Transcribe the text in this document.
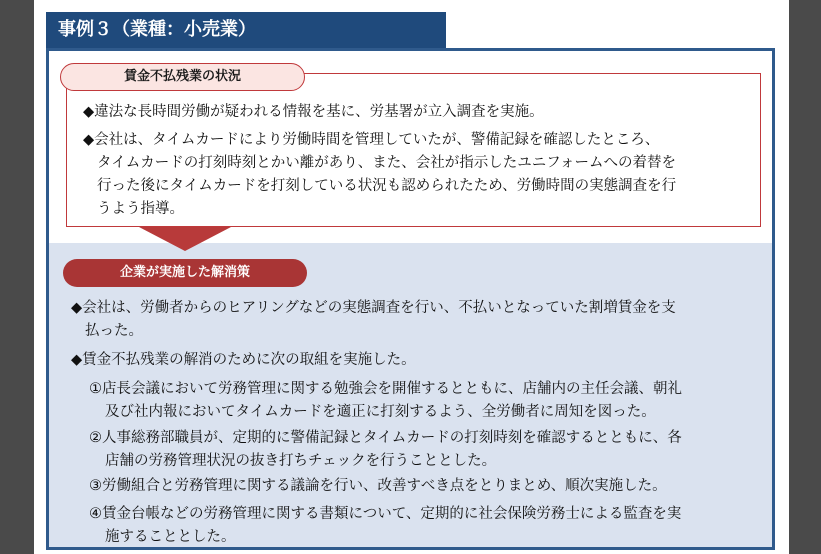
事例３（業種：小売業）
賃金不払残業の状況

◆違法な長時間労働が疑われる情報を基に、労基署が立入調査を実施。

◆会社は、タイムカードにより労働時間を管理していたが、警備記録を確認したところ、
タイムカードの打刻時刻とかい離があり、また、会社が指示したユニフォームへの着替を
行った後にタイムカードを打刻している状況も認められたため、労働時間の実態調査を行
うよう指導。

企業が実施した解消策

◆会社は、労働者からのヒアリングなどの実態調査を行い、不払いとなっていた割増賃金を支
払った。

◆賃金不払残業の解消のために次の取組を実施した。

①店長会議において労務管理に関する勉強会を開催するとともに、店舗内の主任会議、朝礼
及び社内報においてタイムカードを適正に打刻するよう、全労働者に周知を図った。

②人事総務部職員が、定期的に警備記録とタイムカードの打刻時刻を確認するとともに、各
店舗の労務管理状況の抜き打ちチェックを行うこととした。

③労働組合と労務管理に関する議論を行い、改善すべき点をとりまとめ、順次実施した。

④賃金台帳などの労務管理に関する書類について、定期的に社会保険労務士による監査を実
施することとした。
